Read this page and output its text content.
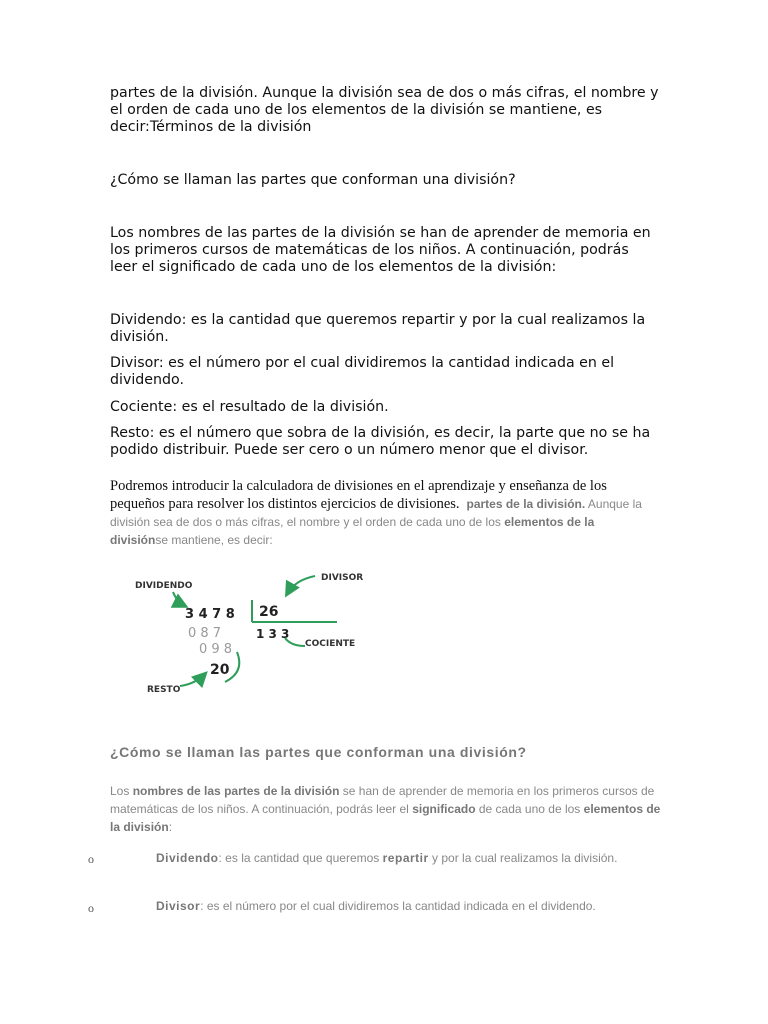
partes de la división. Aunque la división sea de dos o más cifras, el nombre y el orden de cada uno de los elementos de la división se mantiene, es decir:Términos de la división

¿Cómo se llaman las partes que conforman una división?

Los nombres de las partes de la división se han de aprender de memoria en los primeros cursos de matemáticas de los niños. A continuación, podrás leer el significado de cada uno de los elementos de la división:

Dividendo: es la cantidad que queremos repartir y por la cual realizamos la división.

Divisor: es el número por el cual dividiremos la cantidad indicada en el dividendo.

Cociente: es el resultado de la división.

Resto: es el número que sobra de la división, es decir, la parte que no se ha podido distribuir. Puede ser cero o un número menor que el divisor.

Podremos introducir la calculadora de divisiones en el aprendizaje y enseñanza de los pequeños para resolver los distintos ejercicios de divisiones. partes de la división. Aunque la división sea de dos o más cifras, el nombre y el orden de cada uno de los elementos de la divisiónse mantiene, es decir:

DIVIDENDO
3 4 7 8
DIVISOR
26
1 3 3
COCIENTE
0 8 7
0 9 8
20
RESTO

¿Cómo se llaman las partes que conforman una división?

Los nombres de las partes de la división se han de aprender de memoria en los primeros cursos de matemáticas de los niños. A continuación, podrás leer el significado de cada uno de los elementos de la división:

o	Dividendo: es la cantidad que queremos repartir y por la cual realizamos la división.

o	Divisor: es el número por el cual dividiremos la cantidad indicada en el dividendo.
